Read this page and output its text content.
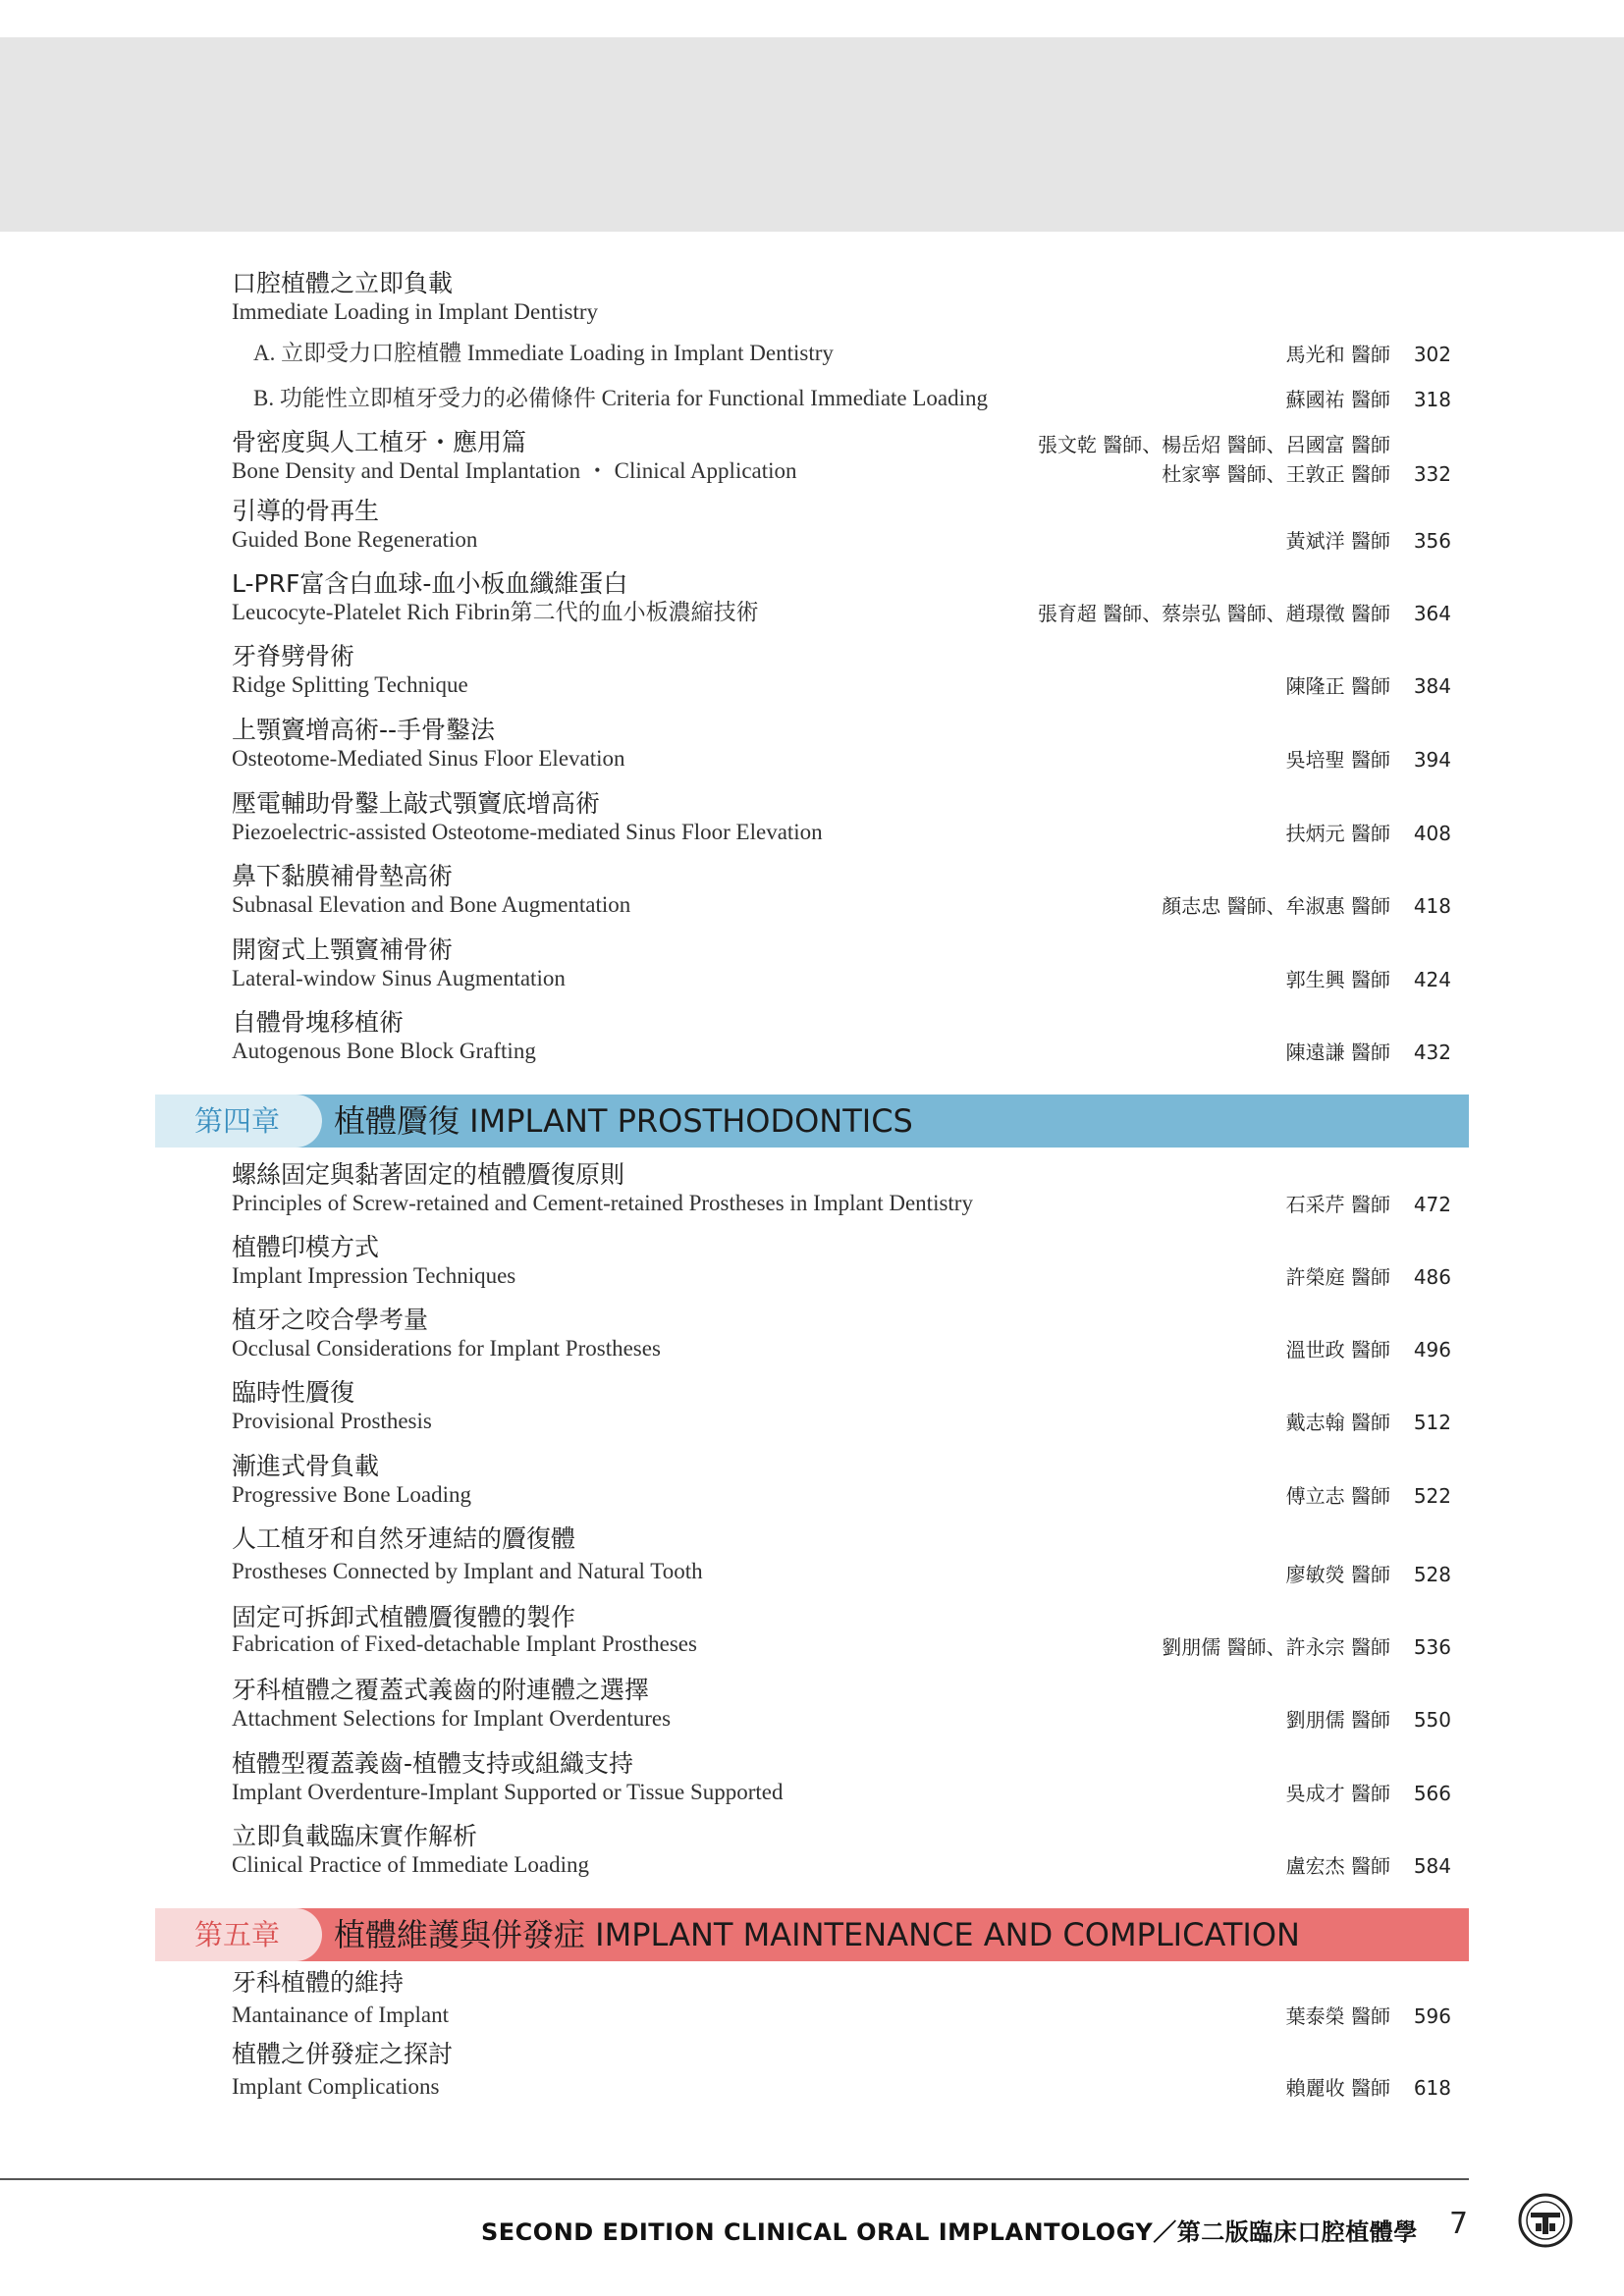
口腔植體之立即負載
Immediate Loading in Implant Dentistry
A. 立即受力口腔植體 Immediate Loading in Implant Dentistry	馬光和 醫師	302
B. 功能性立即植牙受力的必備條件 Criteria for Functional Immediate Loading	蘇國祐 醫師	318
骨密度與人工植牙・應用篇
Bone Density and Dental Implantation ・ Clinical Application
張文乾 醫師、楊岳炤 醫師、呂國富 醫師
杜家寧 醫師、王敦正 醫師	332
引導的骨再生
Guided Bone Regeneration	黃斌洋 醫師	356
L-PRF富含白血球-血小板血纖維蛋白
Leucocyte-Platelet Rich Fibrin第二代的血小板濃縮技術	張育超 醫師、蔡崇弘 醫師、趙璟徵 醫師	364
牙脊劈骨術
Ridge Splitting Technique	陳隆正 醫師	384
上顎竇增高術--手骨鑿法
Osteotome-Mediated Sinus Floor Elevation	吳培聖 醫師	394
壓電輔助骨鑿上敲式顎竇底增高術
Piezoelectric-assisted Osteotome-mediated Sinus Floor Elevation	扶炳元 醫師	408
鼻下黏膜補骨墊高術
Subnasal Elevation and Bone Augmentation	顏志忠 醫師、牟淑惠 醫師	418
開窗式上顎竇補骨術
Lateral-window Sinus Augmentation	郭生興 醫師	424
自體骨塊移植術
Autogenous Bone Block Grafting	陳遠謙 醫師	432
第四章	植體贗復 IMPLANT PROSTHODONTICS
螺絲固定與黏著固定的植體贗復原則
Principles of Screw-retained and Cement-retained Prostheses in Implant Dentistry	石采芹 醫師	472
植體印模方式
Implant Impression Techniques	許榮庭 醫師	486
植牙之咬合學考量
Occlusal Considerations for Implant Prostheses	溫世政 醫師	496
臨時性贗復
Provisional Prosthesis	戴志翰 醫師	512
漸進式骨負載
Progressive Bone Loading	傅立志 醫師	522
人工植牙和自然牙連結的贗復體
Prostheses Connected by Implant and Natural Tooth	廖敏熒 醫師	528
固定可拆卸式植體贗復體的製作
Fabrication of Fixed-detachable Implant Prostheses	劉朋儒 醫師、許永宗 醫師	536
牙科植體之覆蓋式義齒的附連體之選擇
Attachment Selections for Implant Overdentures	劉朋儒 醫師	550
植體型覆蓋義齒-植體支持或組織支持
Implant Overdenture-Implant Supported or Tissue Supported	吳成才 醫師	566
立即負載臨床實作解析
Clinical Practice of Immediate Loading	盧宏杰 醫師	584
第五章	植體維護與併發症 IMPLANT MAINTENANCE AND COMPLICATION
牙科植體的維持
Mantainance of Implant	葉泰榮 醫師	596
植體之併發症之探討
Implant Complications	賴麗收 醫師	618
SECOND EDITION CLINICAL ORAL IMPLANTOLOGY／第二版臨床口腔植體學 7
